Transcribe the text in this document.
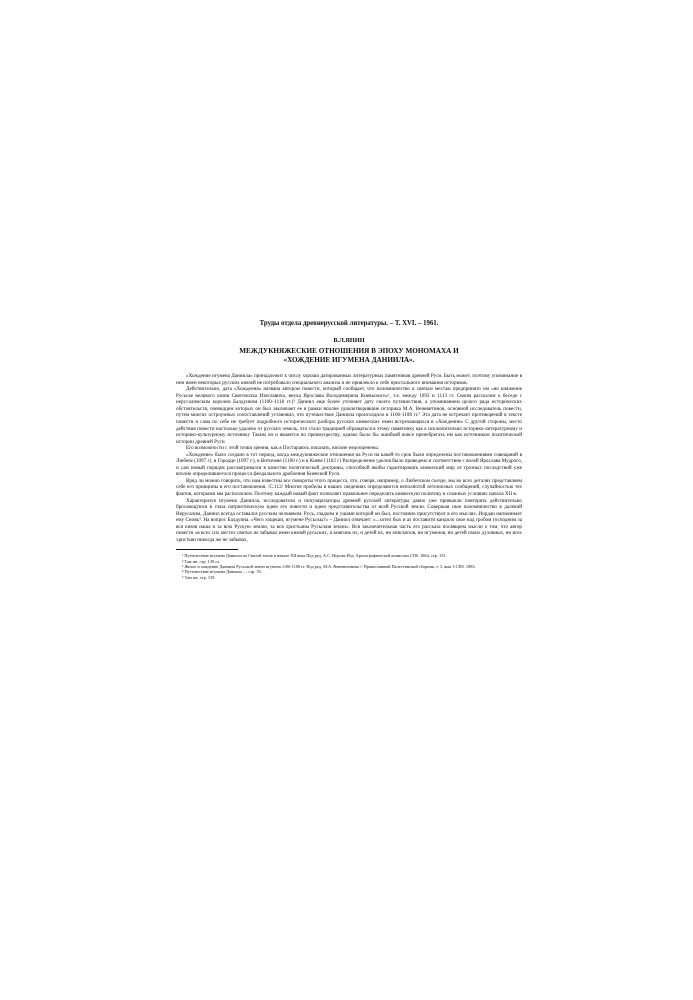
Труды отдела древнерусской литературы. – Т. XVI. – 1961.
В.Л.ЯНИН
МЕЖДУКНЯЖЕСКИЕ ОТНОШЕНИЯ В ЭПОХУ МОНОМАХА И
«ХОЖДЕНИЕ ИГУМЕНА ДАНИИЛА».

«Хождение игумена Даниила» принадлежит к числу хорошо датированных литературных памятников древней Руси. Быть может, поэтому упоминание в нем имен некоторых русских князей не потребовало специального анализа и не привлекло к себе пристального внимания историков.

Действительно, дата «Хождения» названа автором повести, который сообщает, что паломничество к святым местам предпринято им «во княжение Русьске великого князя Святополка Изяславича, внука Ярослава Володимерича Киевьского»¹, т.е. между 1093 и 1113 гг. Своим рассказом о беседе с иерусалимским королем Балдуином (1100–1118 гг.)² Даниил еще более уточняет дату своего путешествия, а упоминанием целого ряда исторических обстоятельств, очевидцем которых он был заключает ее в рамки вполне удовлетворившие историка М.А. Веневитинов, основной исследователь повести, путем многих остроумных сопоставлений установил, что путешествие Даниила происходило в 1106-1108 гг.³ Эта дата не встречает противоречий в тексте повести и сама по себе не требует подробного исторического разбора русских княжеских имен встречающихся в «Хождении» С другой стороны, место действия повести настолько удалено от русских земель, что стало традицией обращаться в этому памятнику как к исключительно историко-литературному и историко-культурному источнику Таким он и является по преимуществу, однако было бы ошибкой вовсе пренебрегать им как источником политической истории древней Руси

Его возможности с этой точки зрения, как я Постараюсь показать, вполне недооценены.

«Хождение» было создано в тот период, когда междукняжеские отношения на Руси на какой-то срок были определены постановлениями совещаний в Любече (1097 г), в Городце (1097 г.), в Витичеве (1100 г.) и в Киеве (1102 г) Распределение уделов было приведено в соответствие с волей Ярослава Мудрого, и сам новый порядок рассматривался в качестве политической доктрины, способной якобы гарантировать княжеский мир от грозных последствий уже вполне определившегося процесса феодального дробления Киевской Руси.

Вряд ли можно говорить, что нам известны все повороты этого процесса, что, говоря, например, о Любечском съезде, мы во всех деталях представляем себе его принципы и его постановления. /С.112/ Многие пробелы в наших сведениях определяются неполнотой летописных сообщений, случайностью тех фактов, которыми мы располагаем. Поэтому каждый новый факт позволяет правильнее определить княжескую политику в сложных условиях начала XII в.

Характеризуя игумена Даниила, исследователи и популяризаторы древней русской литературы давно уже привыкли повторять действительно бросающуюся в глаза патриотическую идею его повести и идею представительства от всей Русской земли. Совершая свое паломничество в далекий Иерусалим, Даниил всегда оставался русским человеком. Русь, гладким и ушами которой он был, постоянно присутствует в его мыслях. Иордан напоминает ему Сновь⁴. На вопрос Балдуина. «Чего хощеши, игумене Русьскы?» – Даниил отвечает: «...хотел бых и аз поставити кандило свое над гробом господним за вся князя наша и за всю Рускую землю, за вся христьаны Русьския земли». Вся заключительная часть его рассказа посвящена мысли о том, что автор повести «в всех сих местех святых не забывал имен князей русьских, и княгинь их, и детей их, ни епископов, ни игуменов, ни детей своих духовных, ни всех христьян никогда же не забывах,

¹ Путешествие игумена Даниила по Святой земле в начале XII века Под ред. А.С. Норова Изд. Археографической комиссии СПб, 1864, стр. 153.

² Там же, стр. 139 сл.

³ Житье и хождение Даниила Русьской земли игумена 1106-1108 гг. Под ред. М.А. Веневитинова // Православный Палестинский сборник, т. 3, вып 3 СПб. 1883.

⁴ Путешествие игумена Даниила ..., стр. 35.

⁵ Там же, стр. 139.
